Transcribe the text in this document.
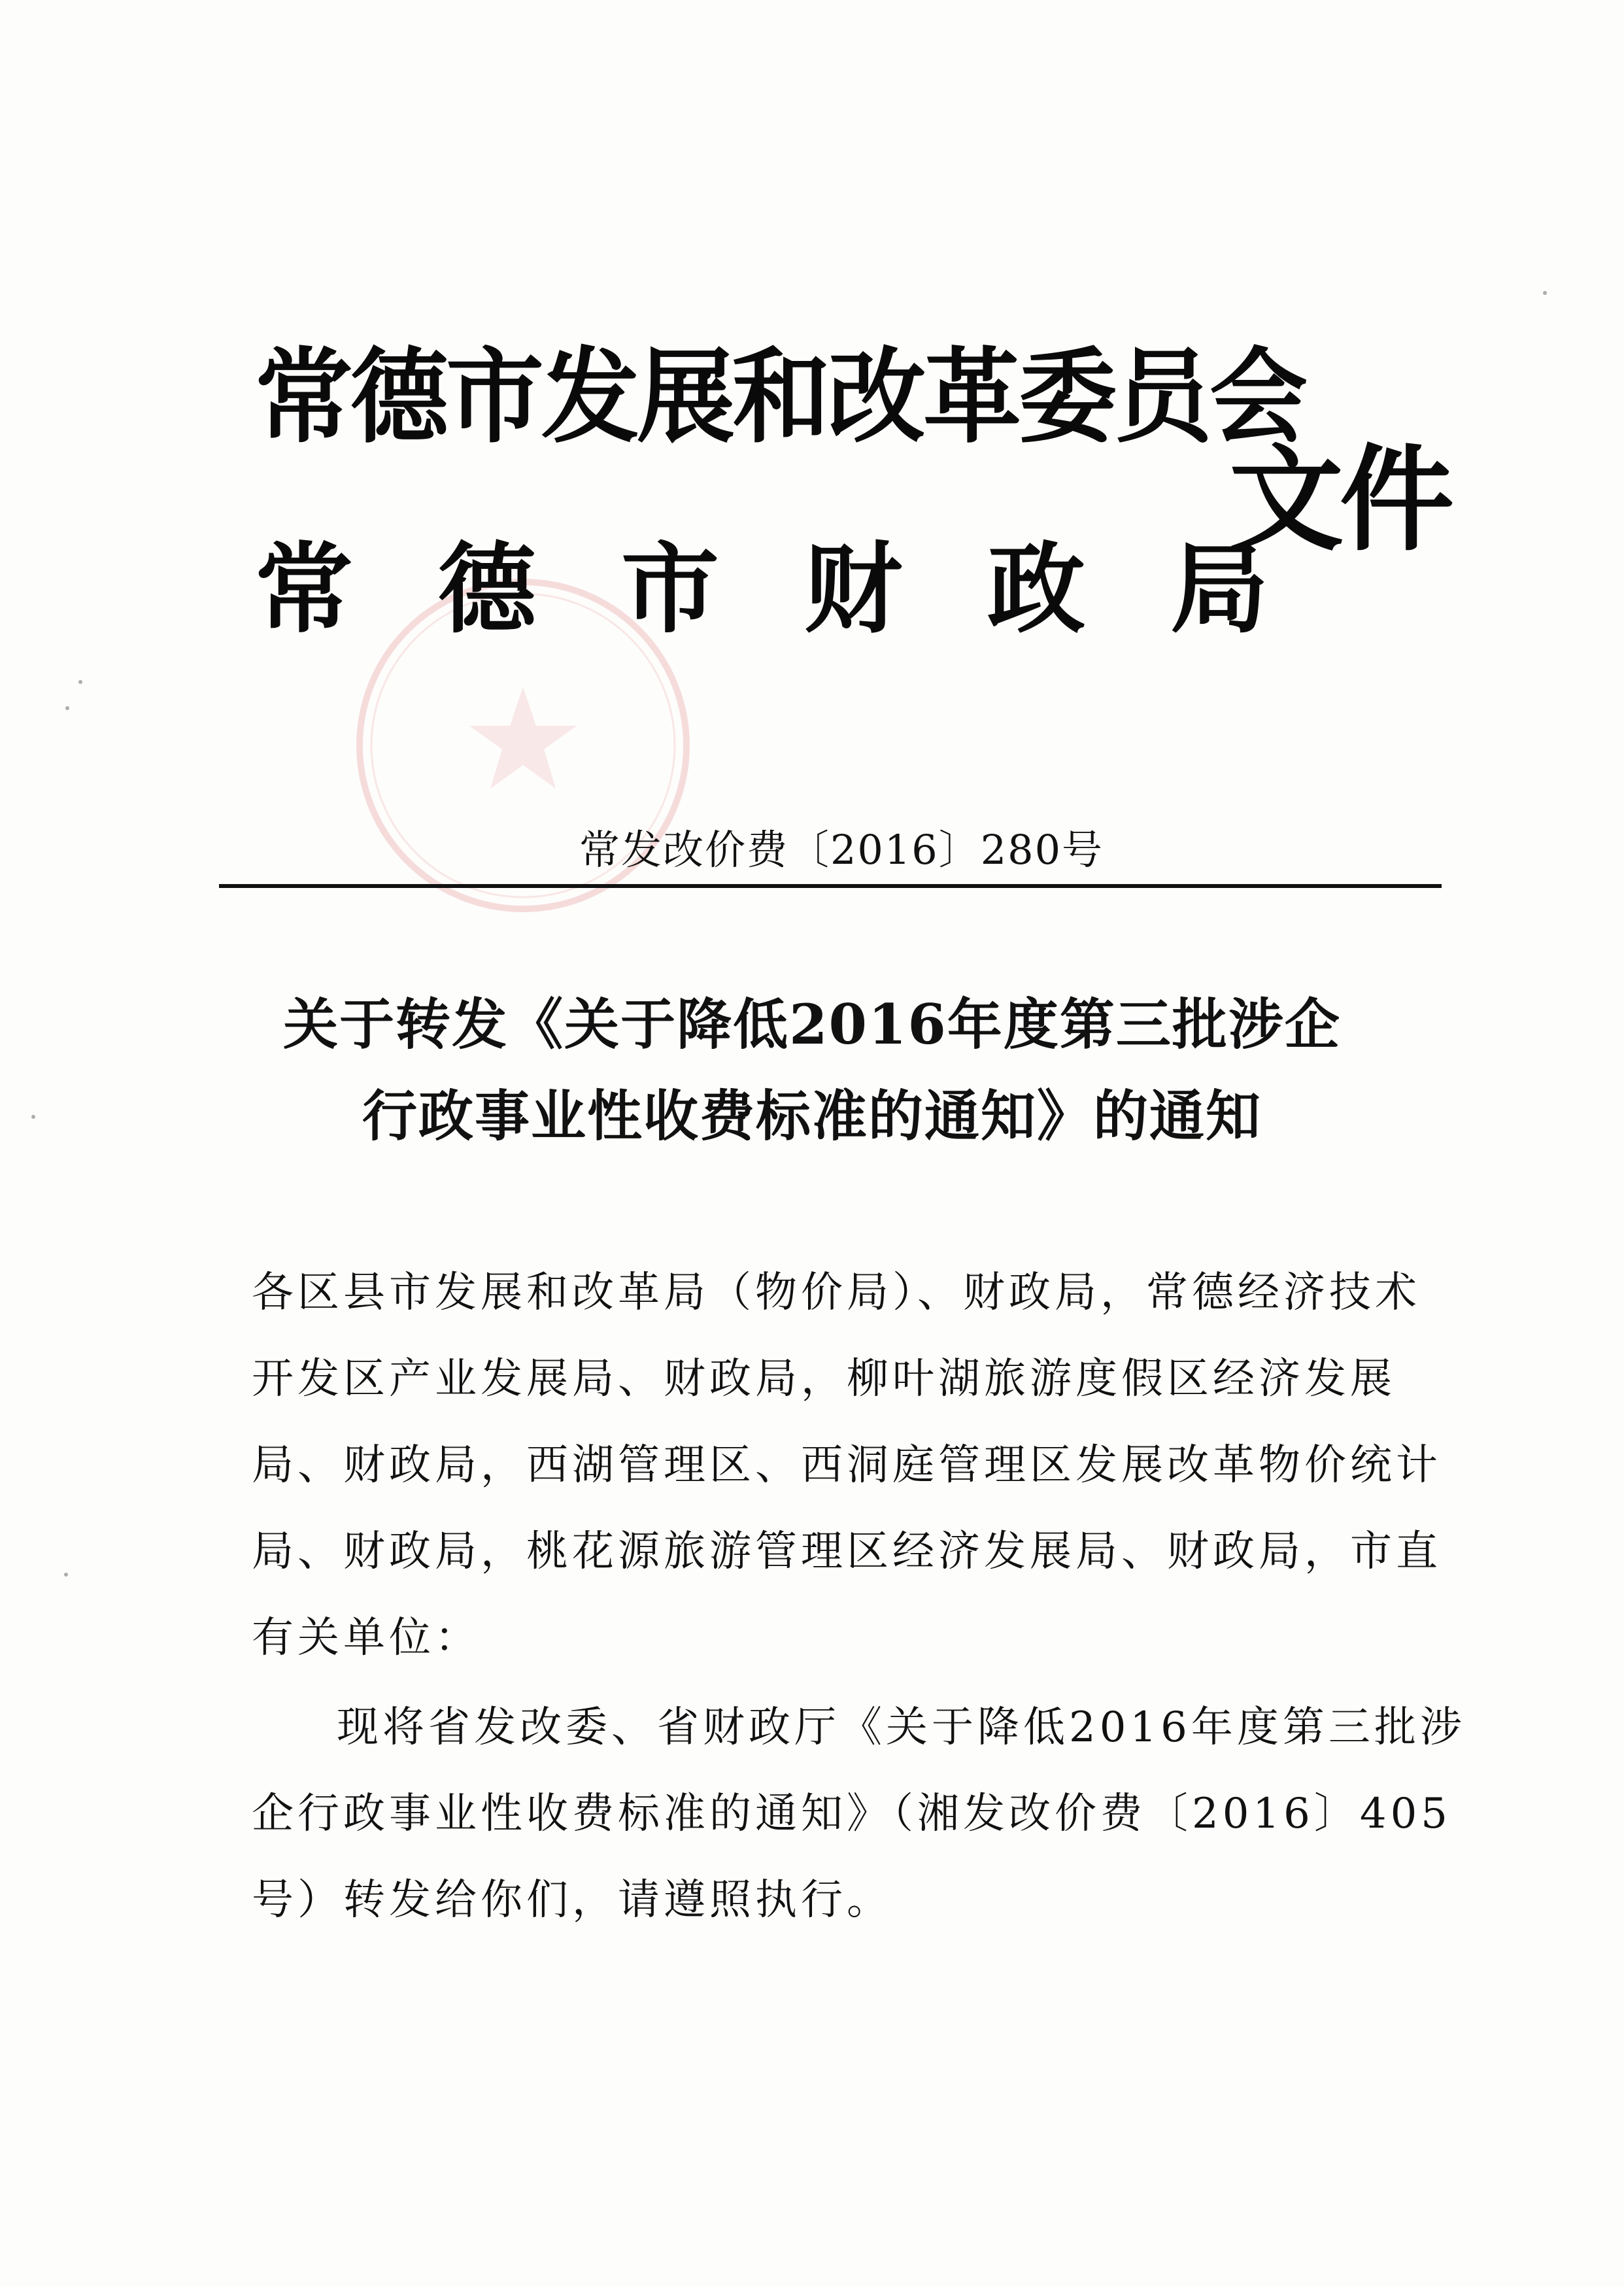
常德市发展和改革委员会
常德市财政局
文件
常发改价费〔2016〕280号
关于转发《关于降低2016年度第三批涉企
行政事业性收费标准的通知》的通知
各区县市发展和改革局（物价局）、财政局，常德经济技术
开发区产业发展局、财政局，柳叶湖旅游度假区经济发展
局、财政局，西湖管理区、西洞庭管理区发展改革物价统计
局、财政局，桃花源旅游管理区经济发展局、财政局，市直
有关单位：
现将省发改委、省财政厅《关于降低2016年度第三批涉
企行政事业性收费标准的通知》（湘发改价费〔2016〕405
号）转发给你们，请遵照执行。
